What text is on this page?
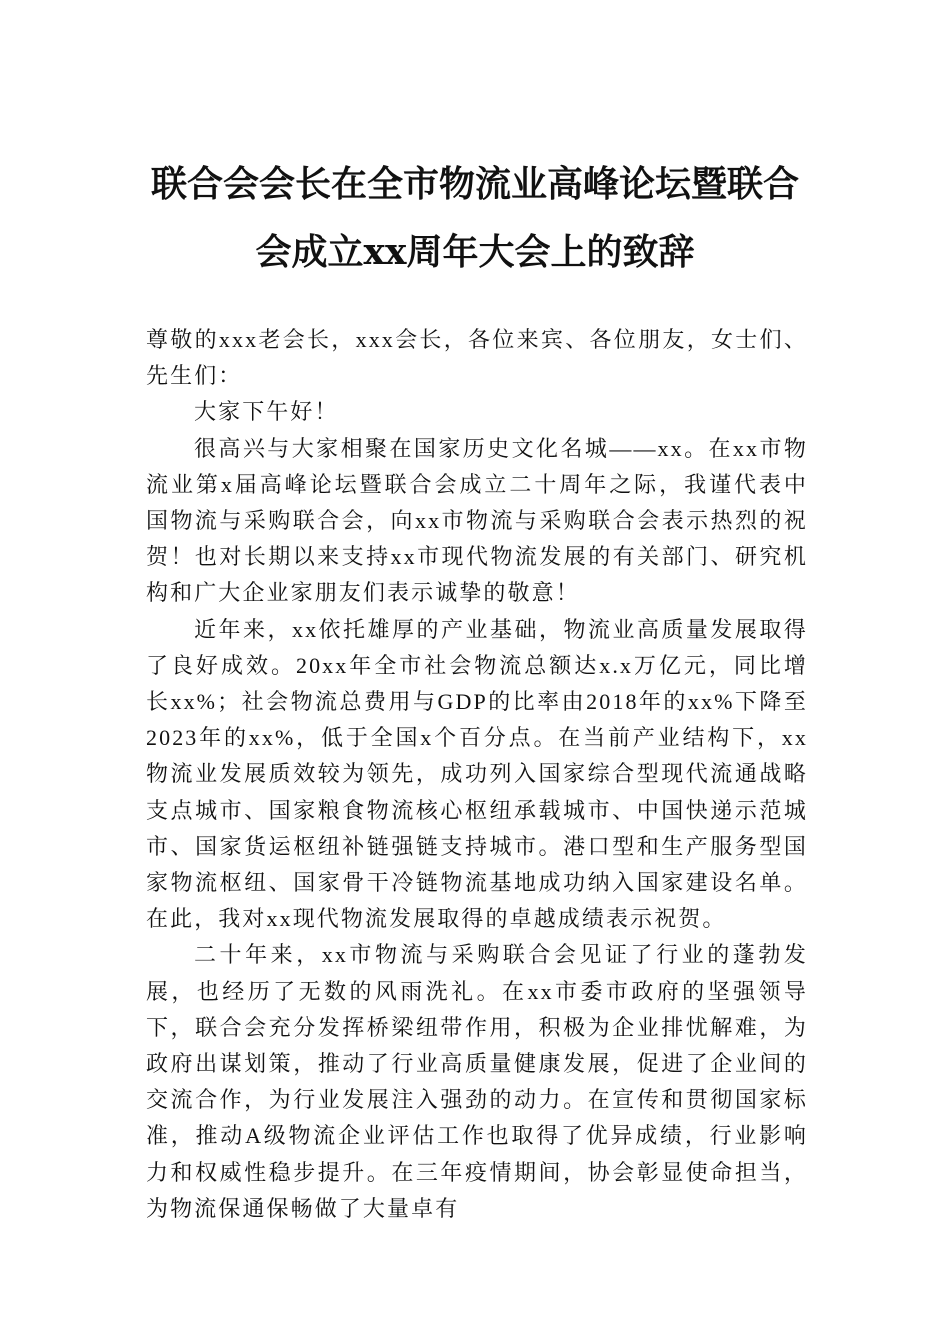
联合会会长在全市物流业高峰论坛暨联合
会成立xx周年大会上的致辞

尊敬的xxx老会长，xxx会长，各位来宾、各位朋友，女士们、先生们：

大家下午好！

很高兴与大家相聚在国家历史文化名城——xx。在xx市物流业第x届高峰论坛暨联合会成立二十周年之际，我谨代表中国物流与采购联合会，向xx市物流与采购联合会表示热烈的祝贺！也对长期以来支持xx市现代物流发展的有关部门、研究机构和广大企业家朋友们表示诚挚的敬意！

近年来，xx依托雄厚的产业基础，物流业高质量发展取得了良好成效。20xx年全市社会物流总额达x.x万亿元，同比增长xx%；社会物流总费用与GDP的比率由2018年的xx%下降至2023年的xx%，低于全国x个百分点。在当前产业结构下，xx物流业发展质效较为领先，成功列入国家综合型现代流通战略支点城市、国家粮食物流核心枢纽承载城市、中国快递示范城市、国家货运枢纽补链强链支持城市。港口型和生产服务型国家物流枢纽、国家骨干冷链物流基地成功纳入国家建设名单。在此，我对xx现代物流发展取得的卓越成绩表示祝贺。

二十年来，xx市物流与采购联合会见证了行业的蓬勃发展，也经历了无数的风雨洗礼。在xx市委市政府的坚强领导下，联合会充分发挥桥梁纽带作用，积极为企业排忧解难，为政府出谋划策，推动了行业高质量健康发展，促进了企业间的交流合作，为行业发展注入强劲的动力。在宣传和贯彻国家标准，推动A级物流企业评估工作也取得了优异成绩，行业影响力和权威性稳步提升。在三年疫情期间，协会彰显使命担当，为物流保通保畅做了大量卓有
